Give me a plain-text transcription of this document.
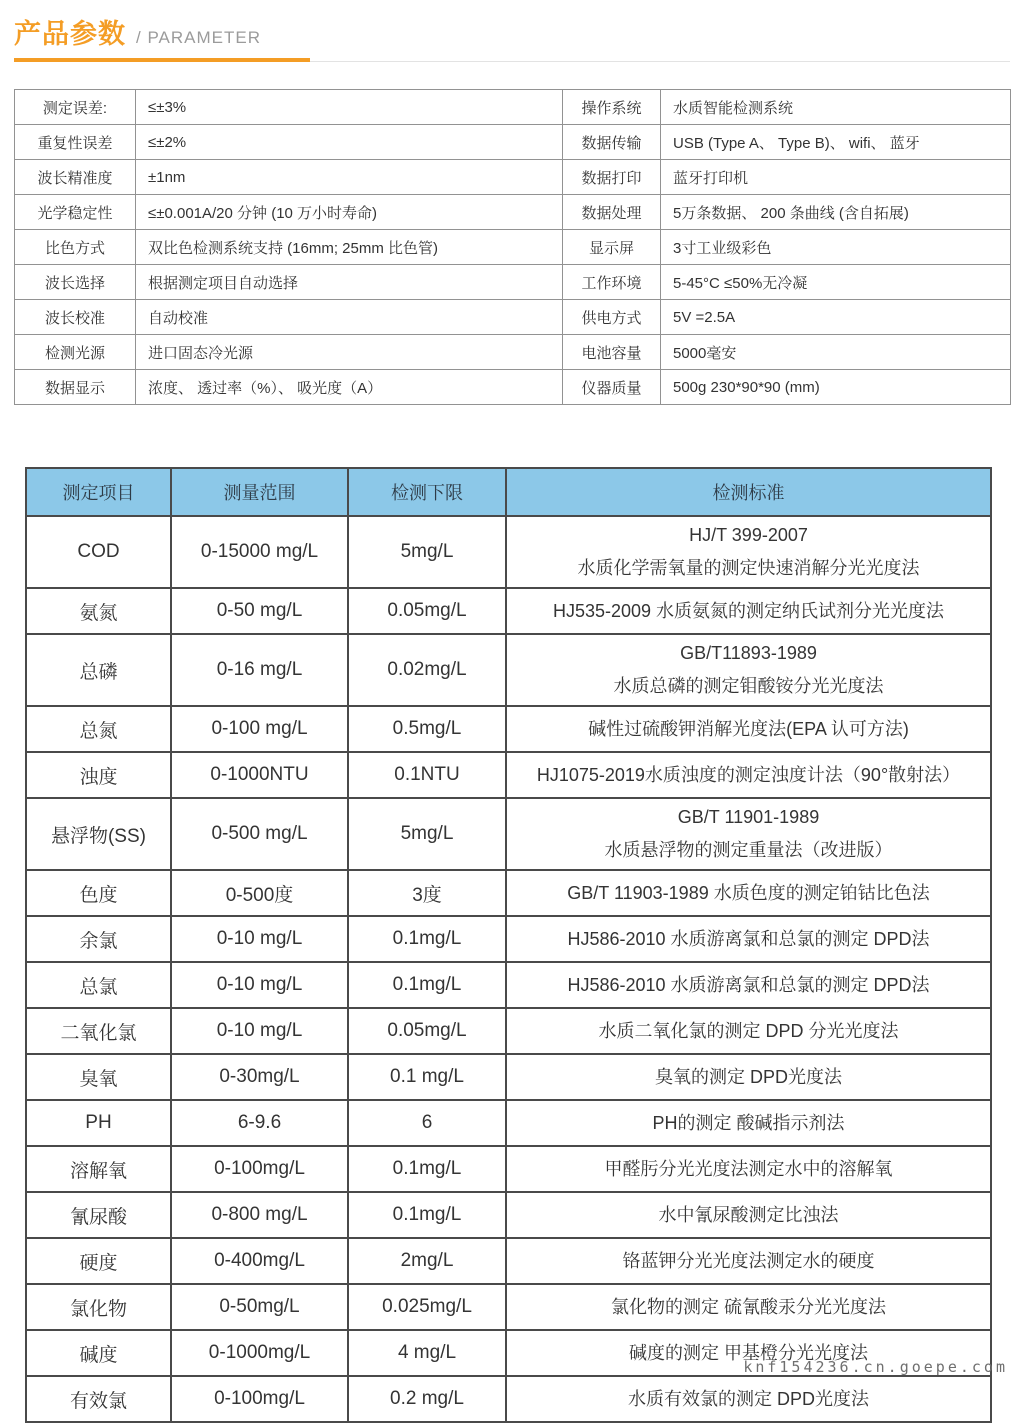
产品参数 / PARAMETER
测定误差:	≤±3%	操作系统	水质智能检测系统
重复性误差	≤±2%	数据传输	USB (Type A、 Type B)、 wifi、 蓝牙
波长精准度	±1nm	数据打印	蓝牙打印机
光学稳定性	≤±0.001A/20 分钟 (10 万小时寿命)	数据处理	5万条数据、 200 条曲线 (含自拓展)
比色方式	双比色检测系统支持 (16mm; 25mm 比色管)	显示屏	3寸工业级彩色
波长选择	根据测定项目自动选择	工作环境	5-45°C ≤50%无冷凝
波长校准	自动校准	供电方式	5V =2.5A
检测光源	进口固态冷光源	电池容量	5000毫安
数据显示	浓度、 透过率（%）、 吸光度（A）	仪器质量	500g 230*90*90 (mm)
测定项目	测量范围	检测下限	检测标准
COD	0-15000 mg/L	5mg/L	HJ/T 399-2007
水质化学需氧量的测定快速消解分光光度法

氨氮	0-50 mg/L	0.05mg/L	HJ535-2009 水质氨氮的测定纳氏试剂分光光度法

总磷	0-16 mg/L	0.02mg/L	GB/T11893-1989
水质总磷的测定钼酸铵分光光度法

总氮	0-100 mg/L	0.5mg/L	碱性过硫酸钾消解光度法(EPA 认可方法)

浊度	0-1000NTU	0.1NTU	HJ1075-2019水质浊度的测定浊度计法（90°散射法）

悬浮物(SS)	0-500 mg/L	5mg/L	GB/T 11901-1989
水质悬浮物的测定重量法（改进版）

色度	0-500度	3度	GB/T 11903-1989 水质色度的测定铂钴比色法

余氯	0-10 mg/L	0.1mg/L	HJ586-2010 水质游离氯和总氯的测定 DPD法

总氯	0-10 mg/L	0.1mg/L	HJ586-2010 水质游离氯和总氯的测定 DPD法

二氧化氯	0-10 mg/L	0.05mg/L	水质二氧化氯的测定 DPD 分光光度法

臭氧	0-30mg/L	0.1 mg/L	臭氧的测定 DPD光度法

PH	6-9.6	6	PH的测定 酸碱指示剂法

溶解氧	0-100mg/L	0.1mg/L	甲醛肟分光光度法测定水中的溶解氧

氰尿酸	0-800 mg/L	0.1mg/L	水中氰尿酸测定比浊法

硬度	0-400mg/L	2mg/L	铬蓝钾分光光度法测定水的硬度

氯化物	0-50mg/L	0.025mg/L	氯化物的测定 硫氰酸汞分光光度法

碱度	0-1000mg/L	4 mg/L	碱度的测定 甲基橙分光光度法

有效氯	0-100mg/L	0.2 mg/L	水质有效氯的测定 DPD光度法
knf154236.cn.goepe.com
